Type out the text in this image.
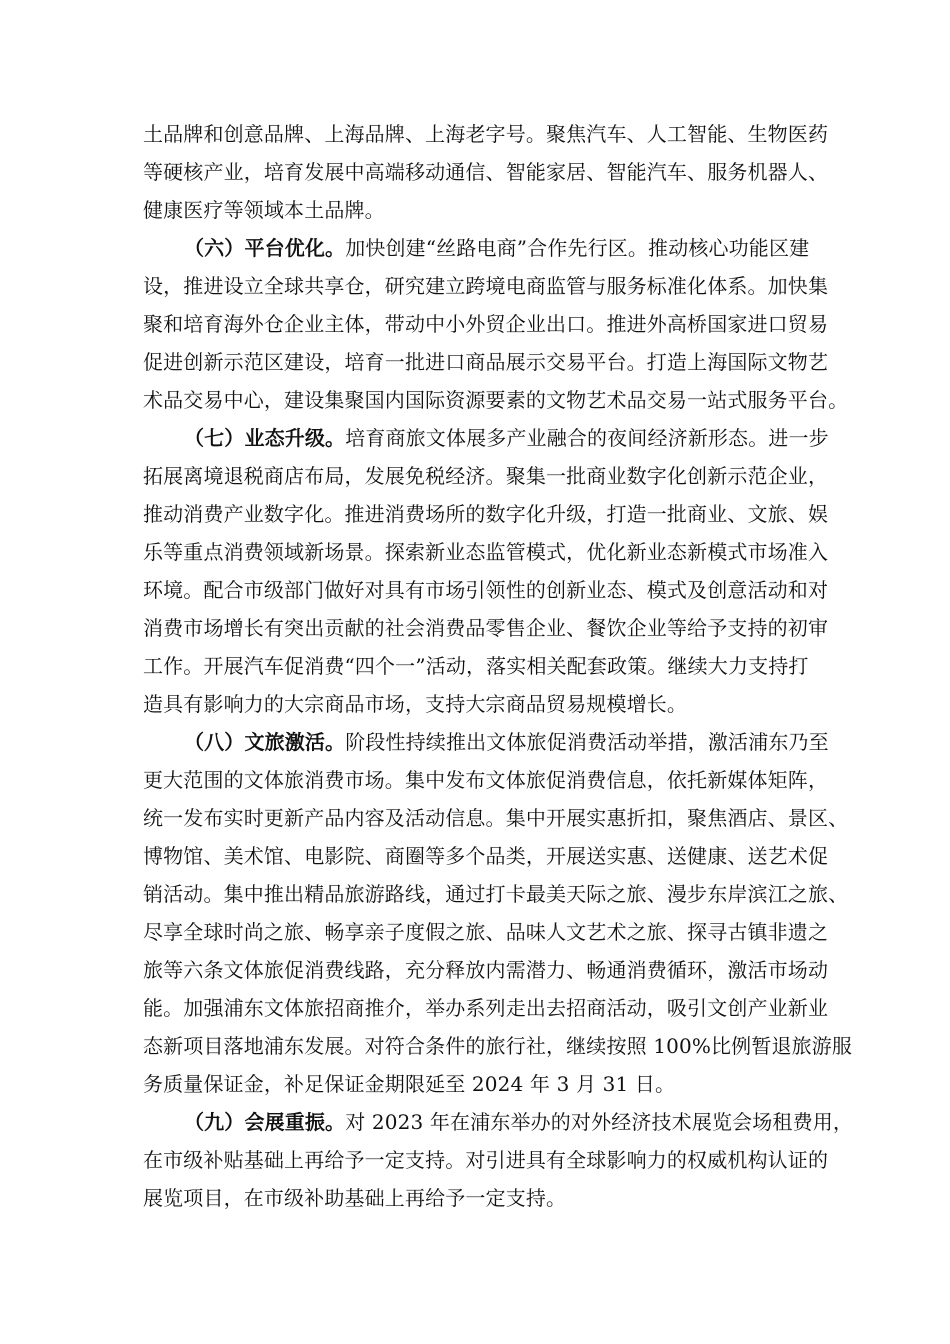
土品牌和创意品牌、上海品牌、上海老字号。聚焦汽车、人工智能、生物医药
等硬核产业，培育发展中高端移动通信、智能家居、智能汽车、服务机器人、
健康医疗等领域本土品牌。
（六）平台优化。加快创建“丝路电商”合作先行区。推动核心功能区建
设，推进设立全球共享仓，研究建立跨境电商监管与服务标准化体系。加快集
聚和培育海外仓企业主体，带动中小外贸企业出口。推进外高桥国家进口贸易
促进创新示范区建设，培育一批进口商品展示交易平台。打造上海国际文物艺
术品交易中心，建设集聚国内国际资源要素的文物艺术品交易一站式服务平台。
（七）业态升级。培育商旅文体展多产业融合的夜间经济新形态。进一步
拓展离境退税商店布局，发展免税经济。聚集一批商业数字化创新示范企业，
推动消费产业数字化。推进消费场所的数字化升级，打造一批商业、文旅、娱
乐等重点消费领域新场景。探索新业态监管模式，优化新业态新模式市场准入
环境。配合市级部门做好对具有市场引领性的创新业态、模式及创意活动和对
消费市场增长有突出贡献的社会消费品零售企业、餐饮企业等给予支持的初审
工作。开展汽车促消费“四个一”活动，落实相关配套政策。继续大力支持打
造具有影响力的大宗商品市场，支持大宗商品贸易规模增长。
（八）文旅激活。阶段性持续推出文体旅促消费活动举措，激活浦东乃至
更大范围的文体旅消费市场。集中发布文体旅促消费信息，依托新媒体矩阵，
统一发布实时更新产品内容及活动信息。集中开展实惠折扣，聚焦酒店、景区、
博物馆、美术馆、电影院、商圈等多个品类，开展送实惠、送健康、送艺术促
销活动。集中推出精品旅游路线，通过打卡最美天际之旅、漫步东岸滨江之旅、
尽享全球时尚之旅、畅享亲子度假之旅、品味人文艺术之旅、探寻古镇非遗之
旅等六条文体旅促消费线路，充分释放内需潜力、畅通消费循环，激活市场动
能。加强浦东文体旅招商推介，举办系列走出去招商活动，吸引文创产业新业
态新项目落地浦东发展。对符合条件的旅行社，继续按照 100%比例暂退旅游服
务质量保证金，补足保证金期限延至 2024 年 3 月 31 日。
（九）会展重振。对 2023 年在浦东举办的对外经济技术展览会场租费用，
在市级补贴基础上再给予一定支持。对引进具有全球影响力的权威机构认证的
展览项目，在市级补助基础上再给予一定支持。
